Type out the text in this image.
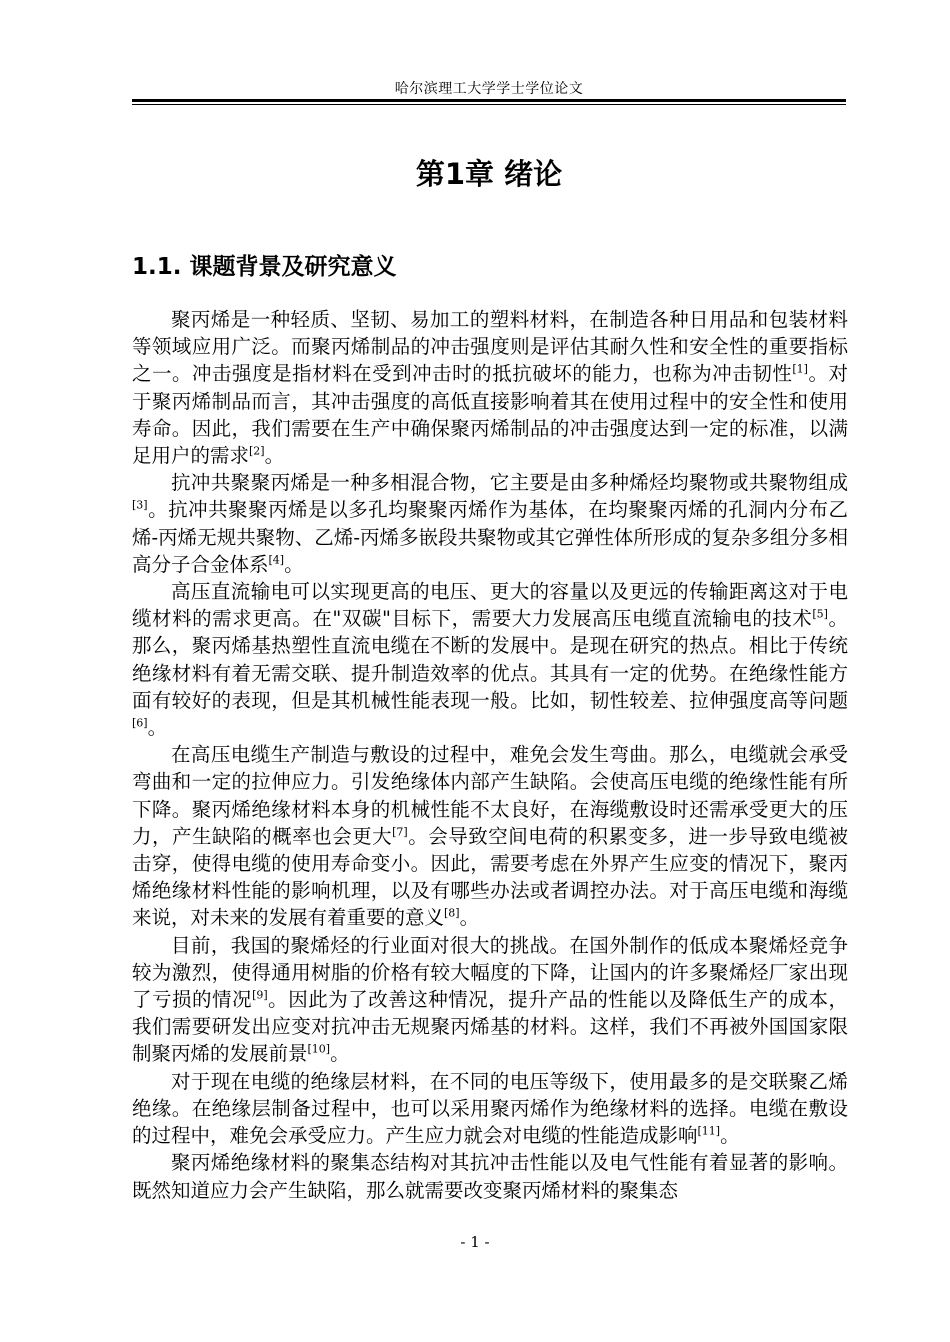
哈尔滨理工大学学士学位论文
第1章 绪论
1.1. 课题背景及研究意义

聚丙烯是一种轻质、坚韧、易加工的塑料材料，在制造各种日用品和包装材料等领域应用广泛。而聚丙烯制品的冲击强度则是评估其耐久性和安全性的重要指标之一。冲击强度是指材料在受到冲击时的抵抗破坏的能力，也称为冲击韧性[1]。对于聚丙烯制品而言，其冲击强度的高低直接影响着其在使用过程中的安全性和使用寿命。因此，我们需要在生产中确保聚丙烯制品的冲击强度达到一定的标准，以满足用户的需求[2]。

抗冲共聚聚丙烯是一种多相混合物，它主要是由多种烯烃均聚物或共聚物组成[3]。抗冲共聚聚丙烯是以多孔均聚聚丙烯作为基体，在均聚聚丙烯的孔洞内分布乙烯-丙烯无规共聚物、乙烯-丙烯多嵌段共聚物或其它弹性体所形成的复杂多组分多相高分子合金体系[4]。

高压直流输电可以实现更高的电压、更大的容量以及更远的传输距离这对于电缆材料的需求更高。在"双碳"目标下，需要大力发展高压电缆直流输电的技术[5]。那么，聚丙烯基热塑性直流电缆在不断的发展中。是现在研究的热点。相比于传统绝缘材料有着无需交联、提升制造效率的优点。其具有一定的优势。在绝缘性能方面有较好的表现，但是其机械性能表现一般。比如，韧性较差、拉伸强度高等问题[6]。

在高压电缆生产制造与敷设的过程中，难免会发生弯曲。那么，电缆就会承受弯曲和一定的拉伸应力。引发绝缘体内部产生缺陷。会使高压电缆的绝缘性能有所下降。聚丙烯绝缘材料本身的机械性能不太良好，在海缆敷设时还需承受更大的压力，产生缺陷的概率也会更大[7]。会导致空间电荷的积累变多，进一步导致电缆被击穿，使得电缆的使用寿命变小。因此，需要考虑在外界产生应变的情况下，聚丙烯绝缘材料性能的影响机理，以及有哪些办法或者调控办法。对于高压电缆和海缆来说，对未来的发展有着重要的意义[8]。

目前，我国的聚烯烃的行业面对很大的挑战。在国外制作的低成本聚烯烃竞争较为激烈，使得通用树脂的价格有较大幅度的下降，让国内的许多聚烯烃厂家出现了亏损的情况[9]。因此为了改善这种情况，提升产品的性能以及降低生产的成本，我们需要研发出应变对抗冲击无规聚丙烯基的材料。这样，我们不再被外国国家限制聚丙烯的发展前景[10]。

对于现在电缆的绝缘层材料，在不同的电压等级下，使用最多的是交联聚乙烯绝缘。在绝缘层制备过程中，也可以采用聚丙烯作为绝缘材料的选择。电缆在敷设的过程中，难免会承受应力。产生应力就会对电缆的性能造成影响[11]。

聚丙烯绝缘材料的聚集态结构对其抗冲击性能以及电气性能有着显著的影响。既然知道应力会产生缺陷，那么就需要改变聚丙烯材料的聚集态

- 1 -
